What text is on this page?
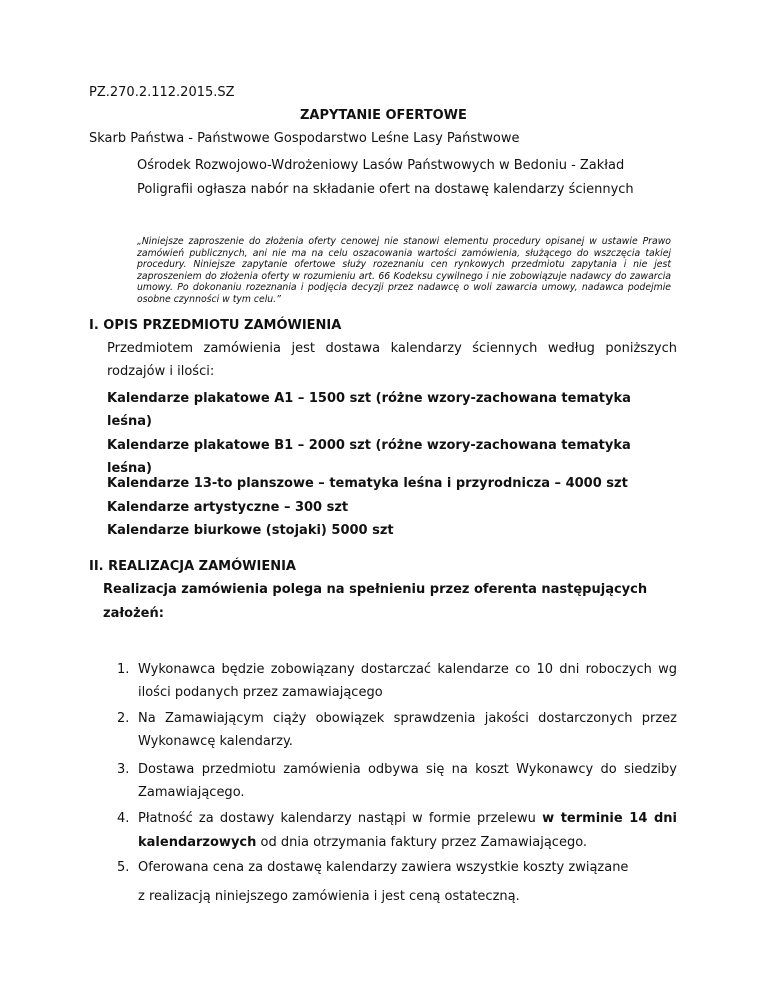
PZ.270.2.112.2015.SZ
ZAPYTANIE OFERTOWE
Skarb Państwa - Państwowe Gospodarstwo Leśne Lasy Państwowe
Ośrodek Rozwojowo-Wdrożeniowy Lasów Państwowych w Bedoniu - Zakład
Poligrafii ogłasza nabór na składanie ofert na dostawę kalendarzy ściennych
„Niniejsze zaproszenie do złożenia oferty cenowej nie stanowi elementu procedury opisanej w ustawie Prawo zamówień publicznych, ani nie ma na celu oszacowania wartości zamówienia, służącego do wszczęcia takiej procedury. Niniejsze zapytanie ofertowe służy rozeznaniu cen rynkowych przedmiotu zapytania i nie jest zaproszeniem do złożenia oferty w rozumieniu art. 66 Kodeksu cywilnego i nie zobowiązuje nadawcy do zawarcia umowy. Po dokonaniu rozeznania i podjęcia decyzji przez nadawcę o woli zawarcia umowy, nadawca podejmie osobne czynności w tym celu.”
I. OPIS PRZEDMIOTU ZAMÓWIENIA
Przedmiotem zamówienia jest dostawa kalendarzy ściennych według poniższych
rodzajów i ilości:
Kalendarze plakatowe A1 – 1500 szt (różne wzory-zachowana tematyka
leśna)
Kalendarze plakatowe B1 – 2000 szt (różne wzory-zachowana tematyka
leśna)
Kalendarze 13-to planszowe – tematyka leśna i przyrodnicza – 4000 szt
Kalendarze artystyczne – 300 szt
Kalendarze biurkowe (stojaki) 5000 szt
II. REALIZACJA ZAMÓWIENIA
Realizacja zamówienia polega na spełnieniu przez oferenta następujących
założeń:
1. Wykonawca będzie zobowiązany dostarczać kalendarze co 10 dni roboczych wg
ilości podanych przez zamawiającego
2. Na Zamawiającym ciąży obowiązek sprawdzenia jakości dostarczonych przez
Wykonawcę kalendarzy.
3. Dostawa przedmiotu zamówienia odbywa się na koszt Wykonawcy do siedziby
Zamawiającego.
4. Płatność za dostawy kalendarzy nastąpi w formie przelewu w terminie 14 dni
kalendarzowych od dnia otrzymania faktury przez Zamawiającego.
5. Oferowana cena za dostawę kalendarzy zawiera wszystkie koszty związane
z realizacją niniejszego zamówienia i jest ceną ostateczną.
